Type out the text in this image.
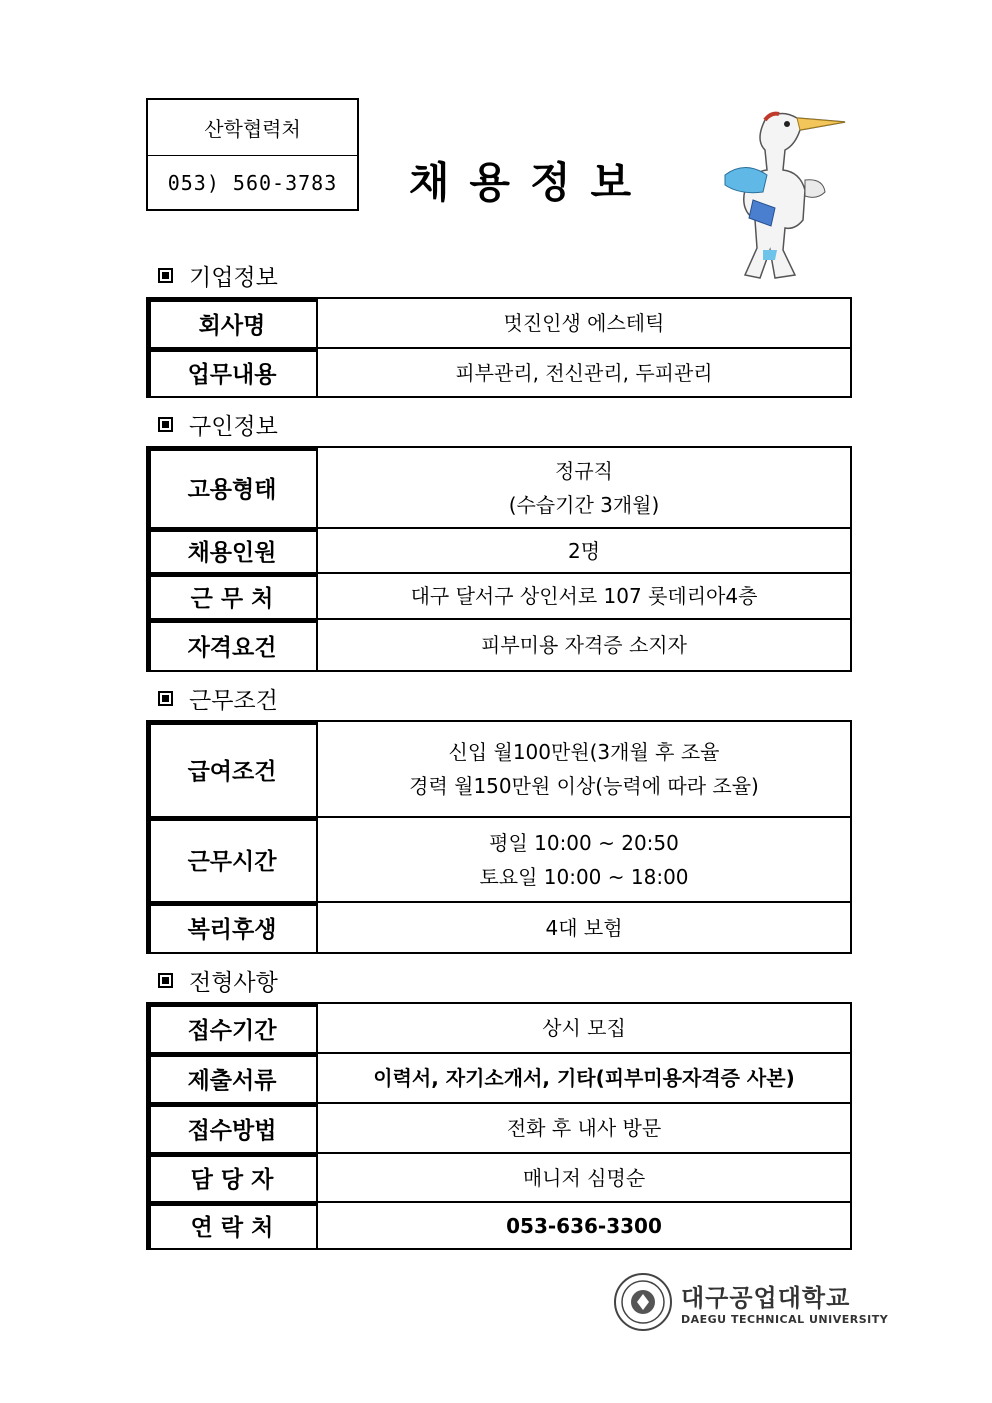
산학협력처
053) 560-3783	채용정보
기업정보
회사명	멋진인생 에스테틱
업무내용	피부관리, 전신관리, 두피관리
구인정보
고용형태	정규직
(수습기간 3개월)

채용인원	2명
근 무 처	대구 달서구 상인서로 107 롯데리아4층
자격요건	피부미용 자격증 소지자
근무조건
급여조건	신입 월100만원(3개월 후 조율
경력 월150만원 이상(능력에 따라 조율)

근무시간	평일 10:00 ~ 20:50
토요일 10:00 ~ 18:00

복리후생	4대 보험
전형사항
접수기간	상시 모집
제출서류	이력서, 자기소개서, 기타(피부미용자격증 사본)
접수방법	전화 후 내사 방문
담 당 자	매니저 심명순
연 락 처	053-636-3300
대구공업대학교
DAEGU TECHNICAL UNIVERSITY
